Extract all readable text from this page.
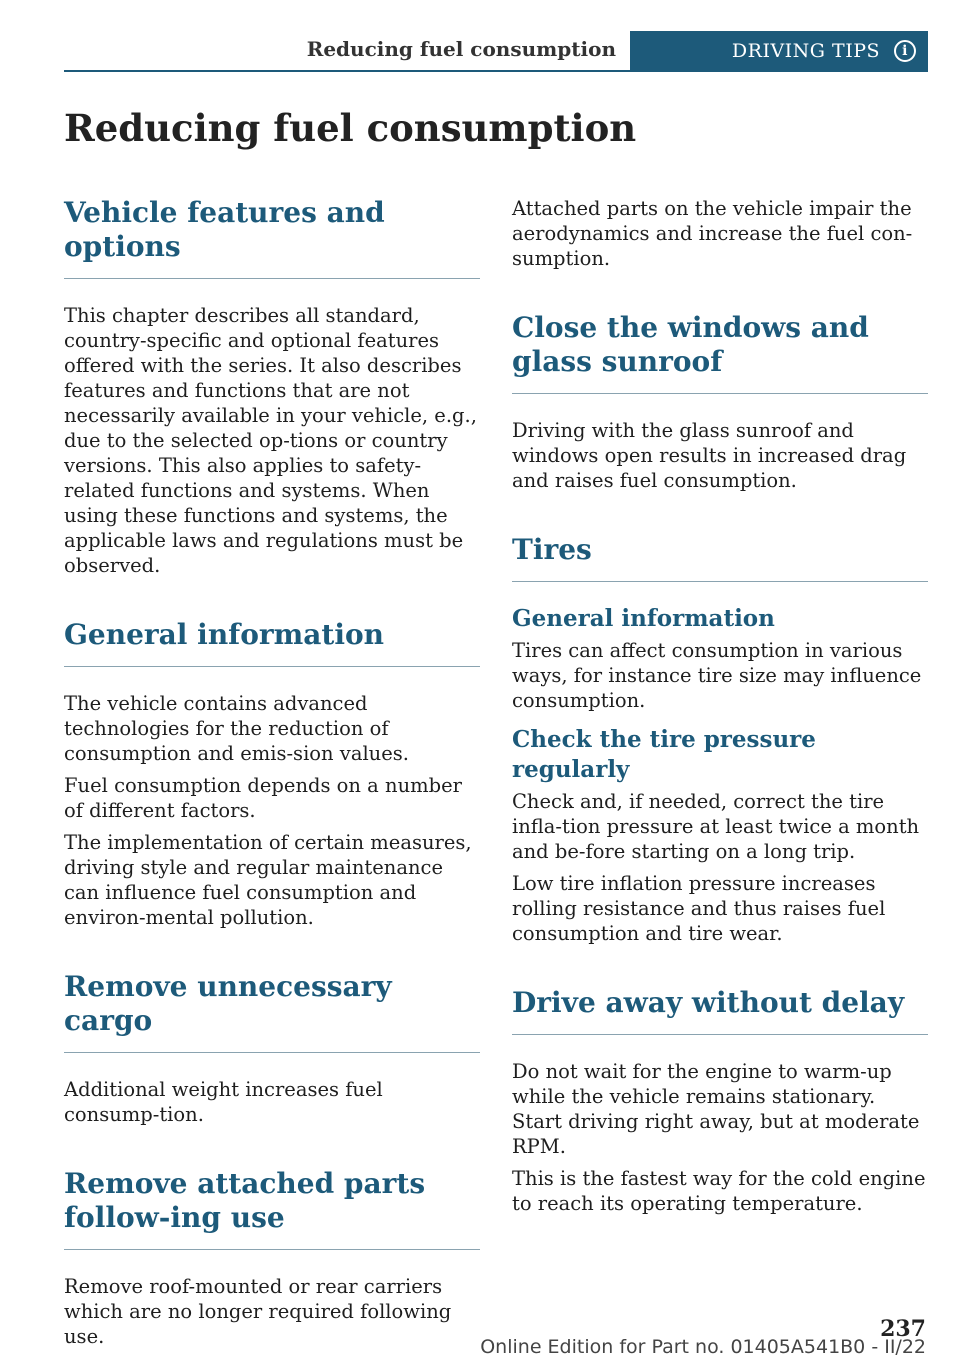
Reducing fuel consumption	DRIVING TIPS	i
Reducing fuel consumption
Vehicle features and options

This chapter describes all standard, country-specific and optional features offered with the series. It also describes features and functions that are not necessarily available in your vehicle, e.g., due to the selected op-tions or country versions. This also applies to safety-related functions and systems. When using these functions and systems, the applicable laws and regulations must be observed.

General information

The vehicle contains advanced technologies for the reduction of consumption and emis-sion values.

Fuel consumption depends on a number of different factors.

The implementation of certain measures, driving style and regular maintenance can influence fuel consumption and environ-mental pollution.

Remove unnecessary cargo

Additional weight increases fuel consump-tion.

Remove attached parts follow-ing use

Remove roof-mounted or rear carriers which are no longer required following use.

Attached parts on the vehicle impair the aerodynamics and increase the fuel con-sumption.

Close the windows and glass sunroof

Driving with the glass sunroof and windows open results in increased drag and raises fuel consumption.

Tires
General information

Tires can affect consumption in various ways, for instance tire size may influence consumption.

Check the tire pressure regularly

Check and, if needed, correct the tire infla-tion pressure at least twice a month and be-fore starting on a long trip.

Low tire inflation pressure increases rolling resistance and thus raises fuel consumption and tire wear.

Drive away without delay

Do not wait for the engine to warm-up while the vehicle remains stationary. Start driving right away, but at moderate RPM.

This is the fastest way for the cold engine to reach its operating temperature.

237
Online Edition for Part no. 01405A541B0 - II/22
